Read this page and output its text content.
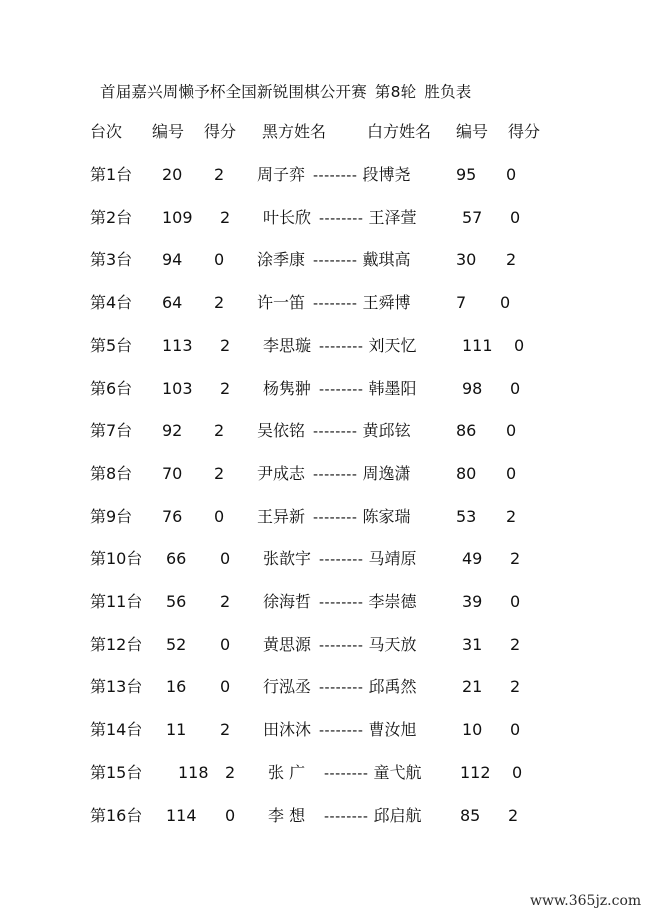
首届嘉兴周懒予杯全国新锐围棋公开赛 第8轮 胜负表
台次 编号 得分 黑方姓名	白方姓名 编号 得分
第1台 20 2 周子弈 -------- 段博尧	95 0
第2台 109 2 叶长欣 -------- 王泽萱	57 0
第3台 94 0 涂季康 -------- 戴琪高	30 2
第4台 64 2 许一笛 -------- 王舜博	7 0
第5台 113 2 李思璇 -------- 刘天忆	111 0
第6台 103 2 杨隽翀 -------- 韩墨阳	98 0
第7台 92 2 吴依铭 -------- 黄邱铉	86 0
第8台 70 2 尹成志 -------- 周逸潇	80 0
第9台 76 0 王异新 -------- 陈家瑞	53 2
第10台 66 0 张歆宇 -------- 马靖原	49 2
第11台 56 2 徐海哲 -------- 李崇德	39 0
第12台 52 0 黄思源 -------- 马天放	31 2
第13台 16 0 行泓丞 -------- 邱禹然	21 2
第14台 11 2 田沐沐 -------- 曹汝旭	10 0
第15台 118 2 张 广 -------- 童弋航 112 0
第16台 114 0 李 想 -------- 邱启航 85 2
www.365jz.com
